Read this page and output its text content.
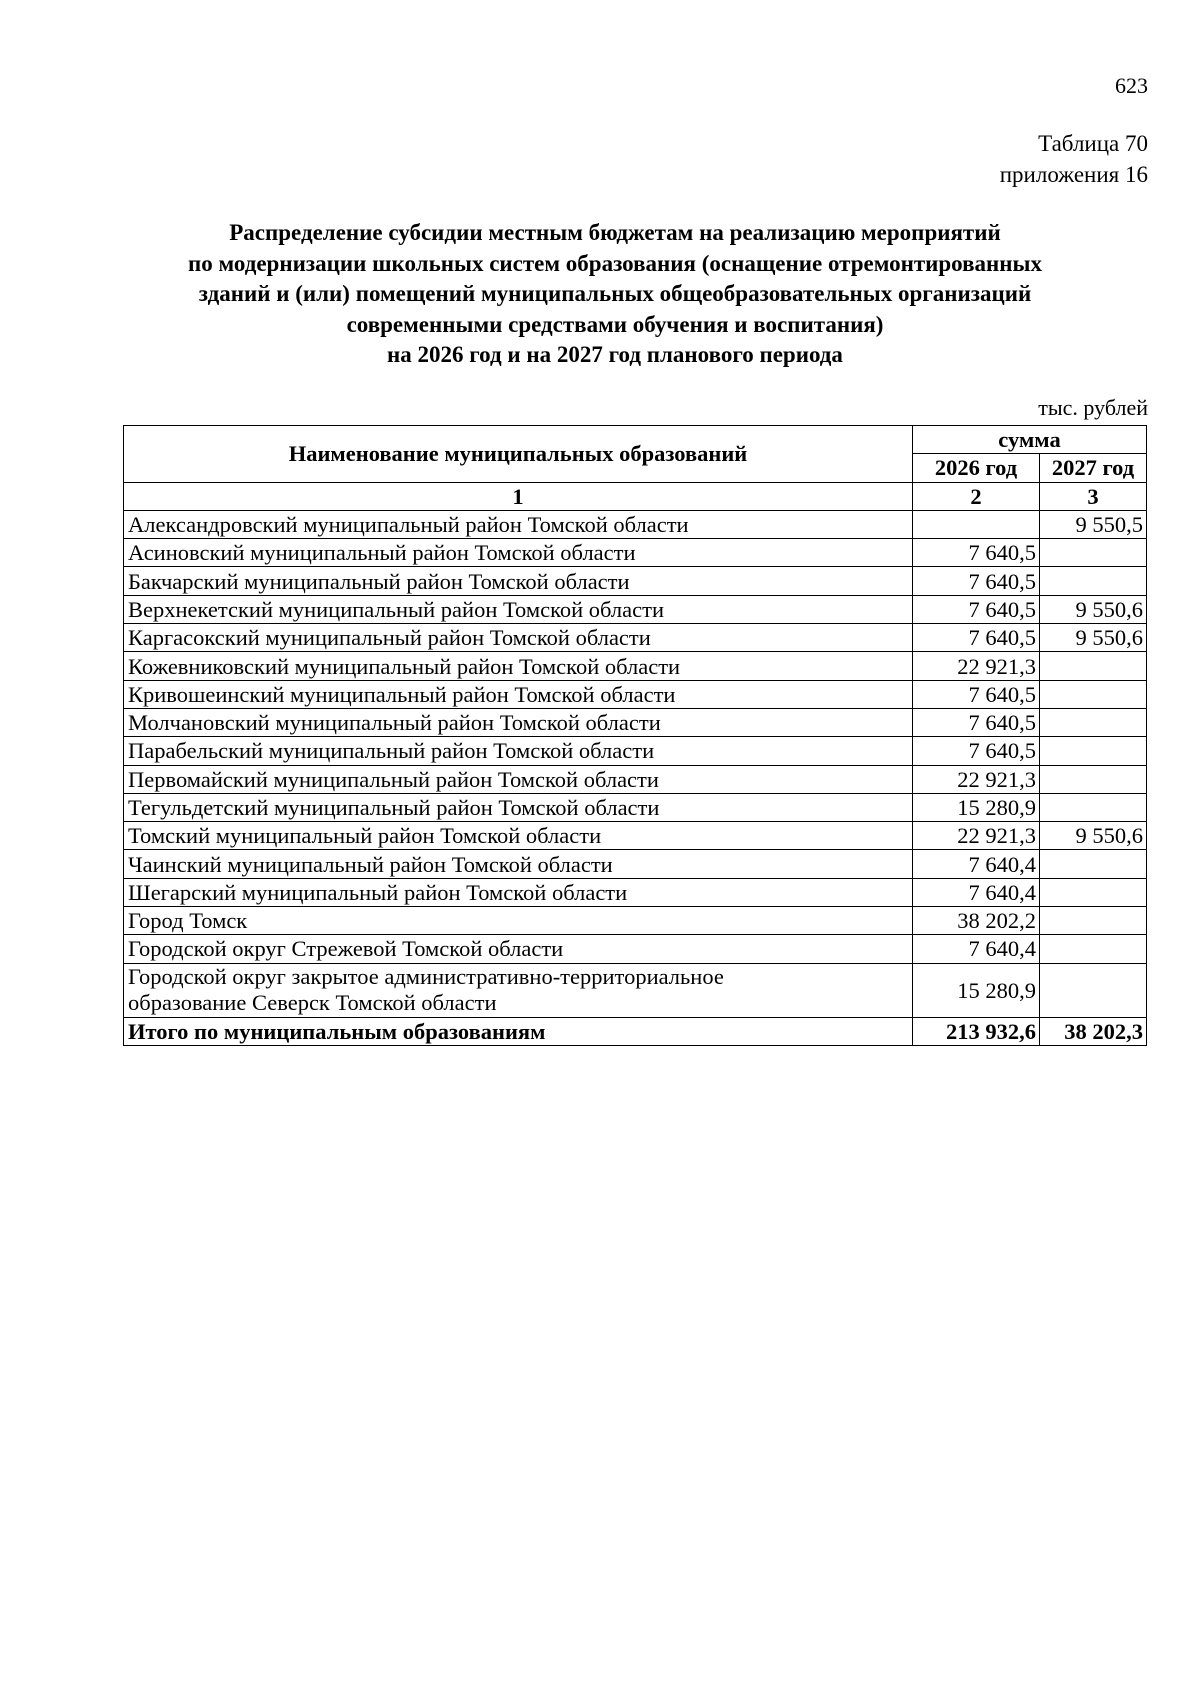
623
Таблица 70
приложения 16
Распределение субсидии местным бюджетам на реализацию мероприятий
по модернизации школьных систем образования (оснащение отремонтированных
зданий и (или) помещений муниципальных общеобразовательных организаций
современными средствами обучения и воспитания)
на 2026 год и на 2027 год планового периода
тыс. рублей
Наименование муниципальных образований	сумма	
	2026 год	2027 год
1	2	3
Александровский муниципальный район Томской области		9 550,5
Асиновский муниципальный район Томской области	7 640,5	
Бакчарский муниципальный район Томской области	7 640,5	
Верхнекетский муниципальный район Томской области	7 640,5	9 550,6
Каргасокский муниципальный район Томской области	7 640,5	9 550,6
Кожевниковский муниципальный район Томской области	22 921,3	
Кривошеинский муниципальный район Томской области	7 640,5	
Молчановский муниципальный район Томской области	7 640,5	
Парабельский муниципальный район Томской области	7 640,5	
Первомайский муниципальный район Томской области	22 921,3	
Тегульдетский муниципальный район Томской области	15 280,9	
Томский муниципальный район Томской области	22 921,3	9 550,6
Чаинский муниципальный район Томской области	7 640,4	
Шегарский муниципальный район Томской области	7 640,4	
Город Томск	38 202,2	
Городской округ Стрежевой Томской области	7 640,4	

Городской округ закрытое административно-территориальное
образование Северск Томской области	15 280,9	
Итого по муниципальным образованиям	213 932,6	38 202,3
